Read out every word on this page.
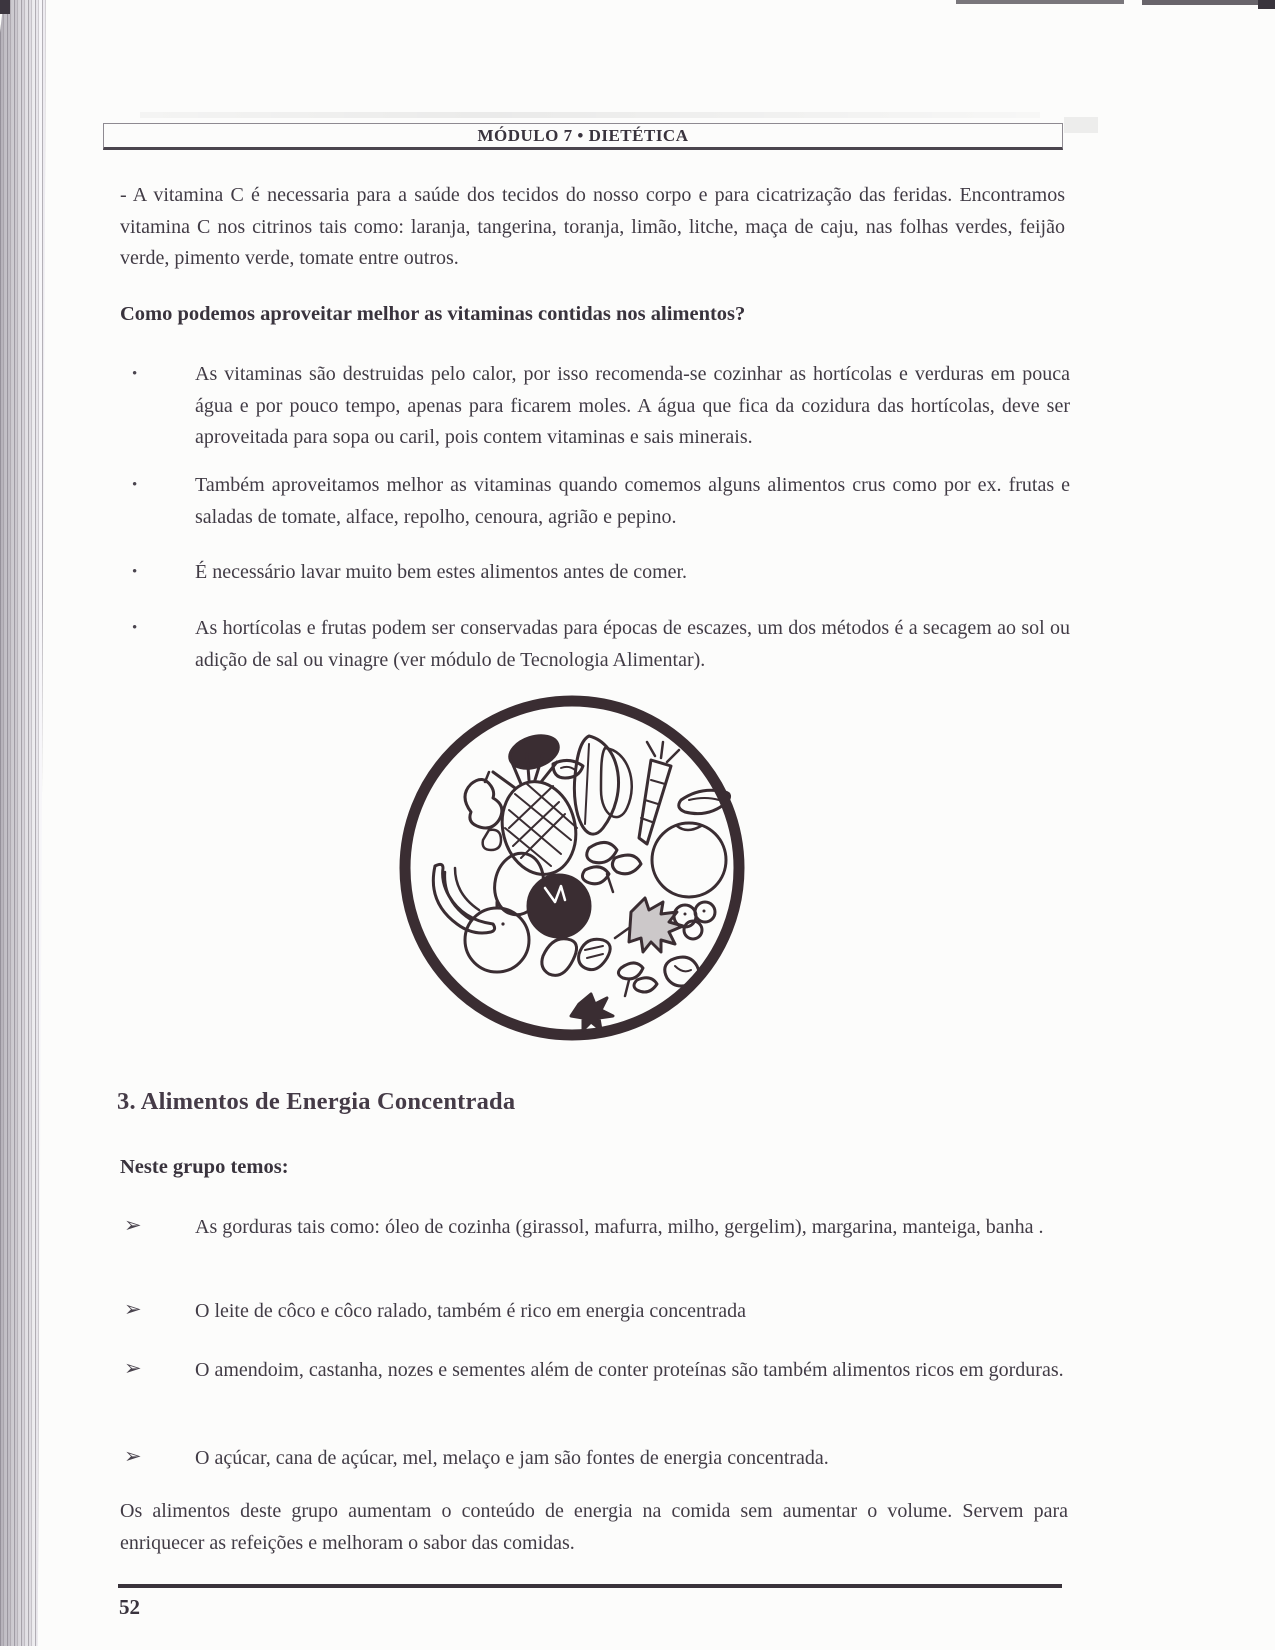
MÓDULO 7 • DIETÉTICA

- A vitamina C é necessaria para a saúde dos tecidos do nosso corpo e para cicatrização das feridas. Encontramos vitamina C nos citrinos tais como: laranja, tangerina, toranja, limão, litche, maça de caju, nas folhas verdes, feijão verde, pimento verde, tomate entre outros.

Como podemos aproveitar melhor as vitaminas contidas nos alimentos?
•	As vitaminas são destruidas pelo calor, por isso recomenda-se cozinhar as hortícolas e verduras em pouca água e por pouco tempo, apenas para ficarem moles. A água que fica da cozidura das hortícolas, deve ser aproveitada para sopa ou caril, pois contem vitaminas e sais minerais.
•	Também aproveitamos melhor as vitaminas quando comemos alguns alimentos crus como por ex. frutas e saladas de tomate, alface, repolho, cenoura, agrião e pepino.
•	É necessário lavar muito bem estes alimentos antes de comer.
•	As hortícolas e frutas podem ser conservadas para épocas de escazes, um dos métodos é a secagem ao sol ou adição de sal ou vinagre (ver módulo de Tecnologia Alimentar).
3. Alimentos de Energia Concentrada
Neste grupo temos:
➢	As gorduras tais como: óleo de cozinha (girassol, mafurra, milho, gergelim), margarina, manteiga, banha .
➢	O leite de côco e côco ralado, também é rico em energia concentrada
➢	O amendoim, castanha, nozes e sementes além de conter proteínas são também alimentos ricos em gorduras.
➢	O açúcar, cana de açúcar, mel, melaço e jam são fontes de energia concentrada.

Os alimentos deste grupo aumentam o conteúdo de energia na comida sem aumentar o volume. Servem para enriquecer as refeições e melhoram o sabor das comidas.

52
